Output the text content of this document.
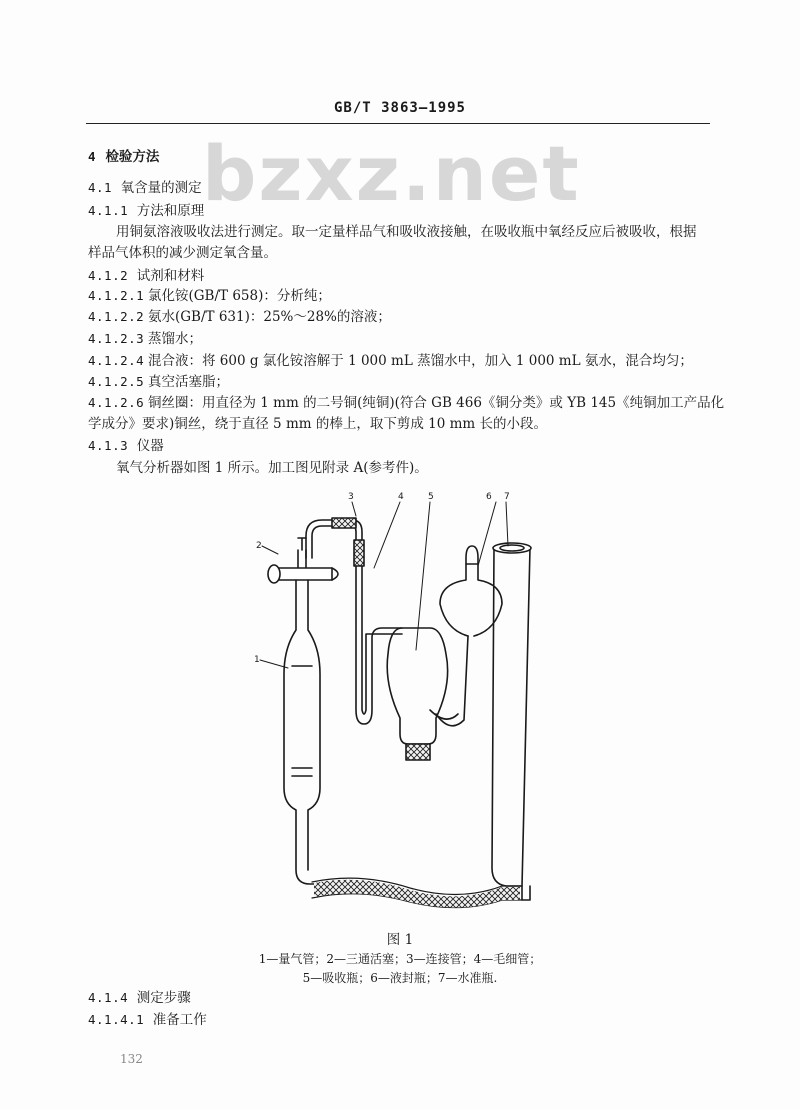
GB/T 3863—1995
bzxz.net
4 检验方法
4.1 氧含量的测定
4.1.1 方法和原理
用铜氨溶液吸收法进行测定。取一定量样品气和吸收液接触，在吸收瓶中氧经反应后被吸收，根据
样品气体积的减少测定氧含量。
4.1.2 试剂和材料
4.1.2.1 氯化铵(GB/T 658)：分析纯；
4.1.2.2 氨水(GB/T 631)：25%～28%的溶液；
4.1.2.3 蒸馏水；
4.1.2.4 混合液：将 600 g 氯化铵溶解于 1 000 mL 蒸馏水中，加入 1 000 mL 氨水，混合均匀；
4.1.2.5 真空活塞脂；
4.1.2.6 铜丝圈：用直径为 1 mm 的二号铜(纯铜)(符合 GB 466《铜分类》或 YB 145《纯铜加工产品化
学成分》要求)铜丝，绕于直径 5 mm 的棒上，取下剪成 10 mm 长的小段。
4.1.3 仪器
氧气分析器如图 1 所示。加工图见附录 A(参考件)。
1
2
3	4	5	6 7
图 1
1—量气管；2—三通活塞；3—连接管；4—毛细管；
5—吸收瓶；6—液封瓶；7—水准瓶.
4.1.4 测定步骤
4.1.4.1 准备工作
132
